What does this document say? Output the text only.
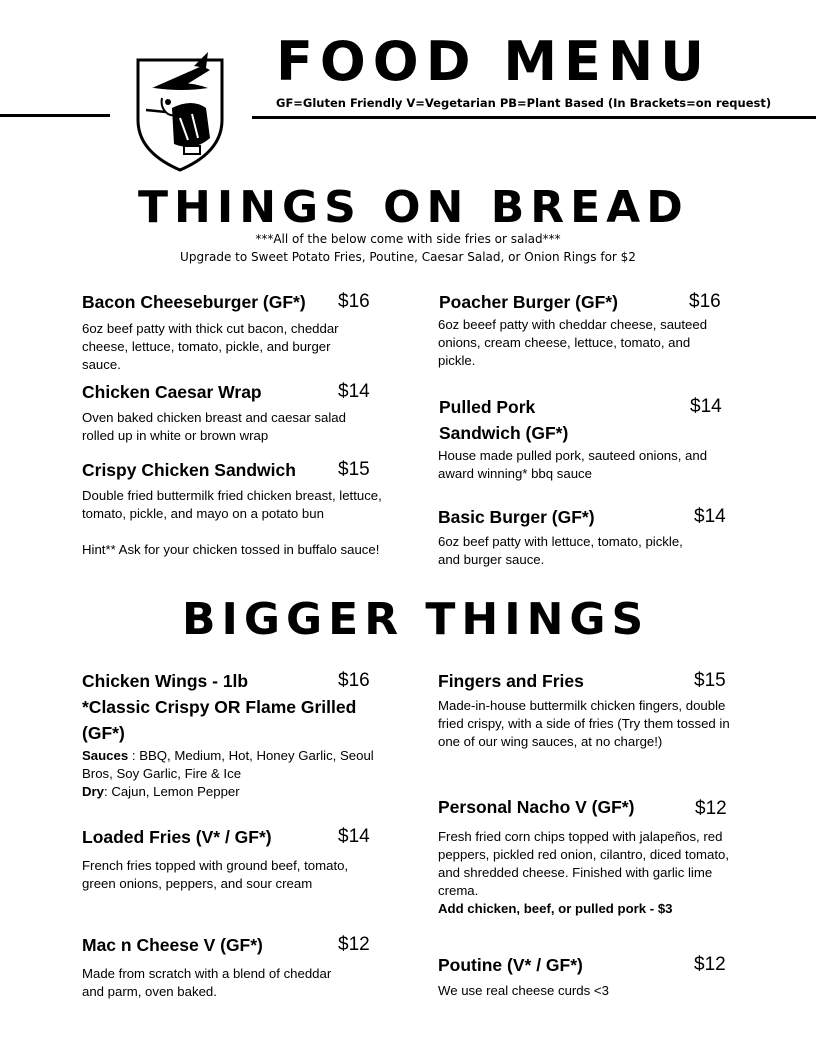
FOOD MENU
GF=Gluten Friendly V=Vegetarian PB=Plant Based (In Brackets=on request)
THINGS ON BREAD
***All of the below come with side fries or salad***
Upgrade to Sweet Potato Fries, Poutine, Caesar Salad, or Onion Rings for $2
Bacon Cheeseburger (GF*) $16
6oz beef patty with thick cut bacon, cheddar cheese, lettuce, tomato, pickle, and burger sauce.
Chicken Caesar Wrap	$14
Oven baked chicken breast and caesar salad rolled up in white or brown wrap
Crispy Chicken Sandwich $15
Double fried buttermilk fried chicken breast, lettuce, tomato, pickle, and mayo on a potato bun
Hint** Ask for your chicken tossed in buffalo sauce!
Poacher Burger (GF*)	$16
6oz beeef patty with cheddar cheese, sauteed onions, cream cheese, lettuce, tomato, and pickle.
Pulled Pork Sandwich (GF*)
$14
House made pulled pork, sauteed onions, and award winning* bbq sauce
Basic Burger (GF*)	$14
6oz beef patty with lettuce, tomato, pickle, and burger sauce.
BIGGER THINGS
Chicken Wings - 1lb	$16
*Classic Crispy OR Flame Grilled (GF*)
Sauces : BBQ, Medium, Hot, Honey Garlic, Seoul Bros, Soy Garlic, Fire & Ice
Dry: Cajun, Lemon Pepper
Loaded Fries (V* / GF*)	$14
French fries topped with ground beef, tomato, green onions, peppers, and sour cream
Mac n Cheese V (GF*)	$12
Made from scratch with a blend of cheddar and parm, oven baked.
Fingers and Fries	$15
Made-in-house buttermilk chicken fingers, double fried crispy, with a side of fries (Try them tossed in one of our wing sauces, at no charge!)
Personal Nacho V (GF*)	$12
Fresh fried corn chips topped with jalapeños, red peppers, pickled red onion, cilantro, diced tomato, and shredded cheese. Finished with garlic lime crema.
Add chicken, beef, or pulled pork - $3
Poutine (V* / GF*)	$12
We use real cheese curds <3
